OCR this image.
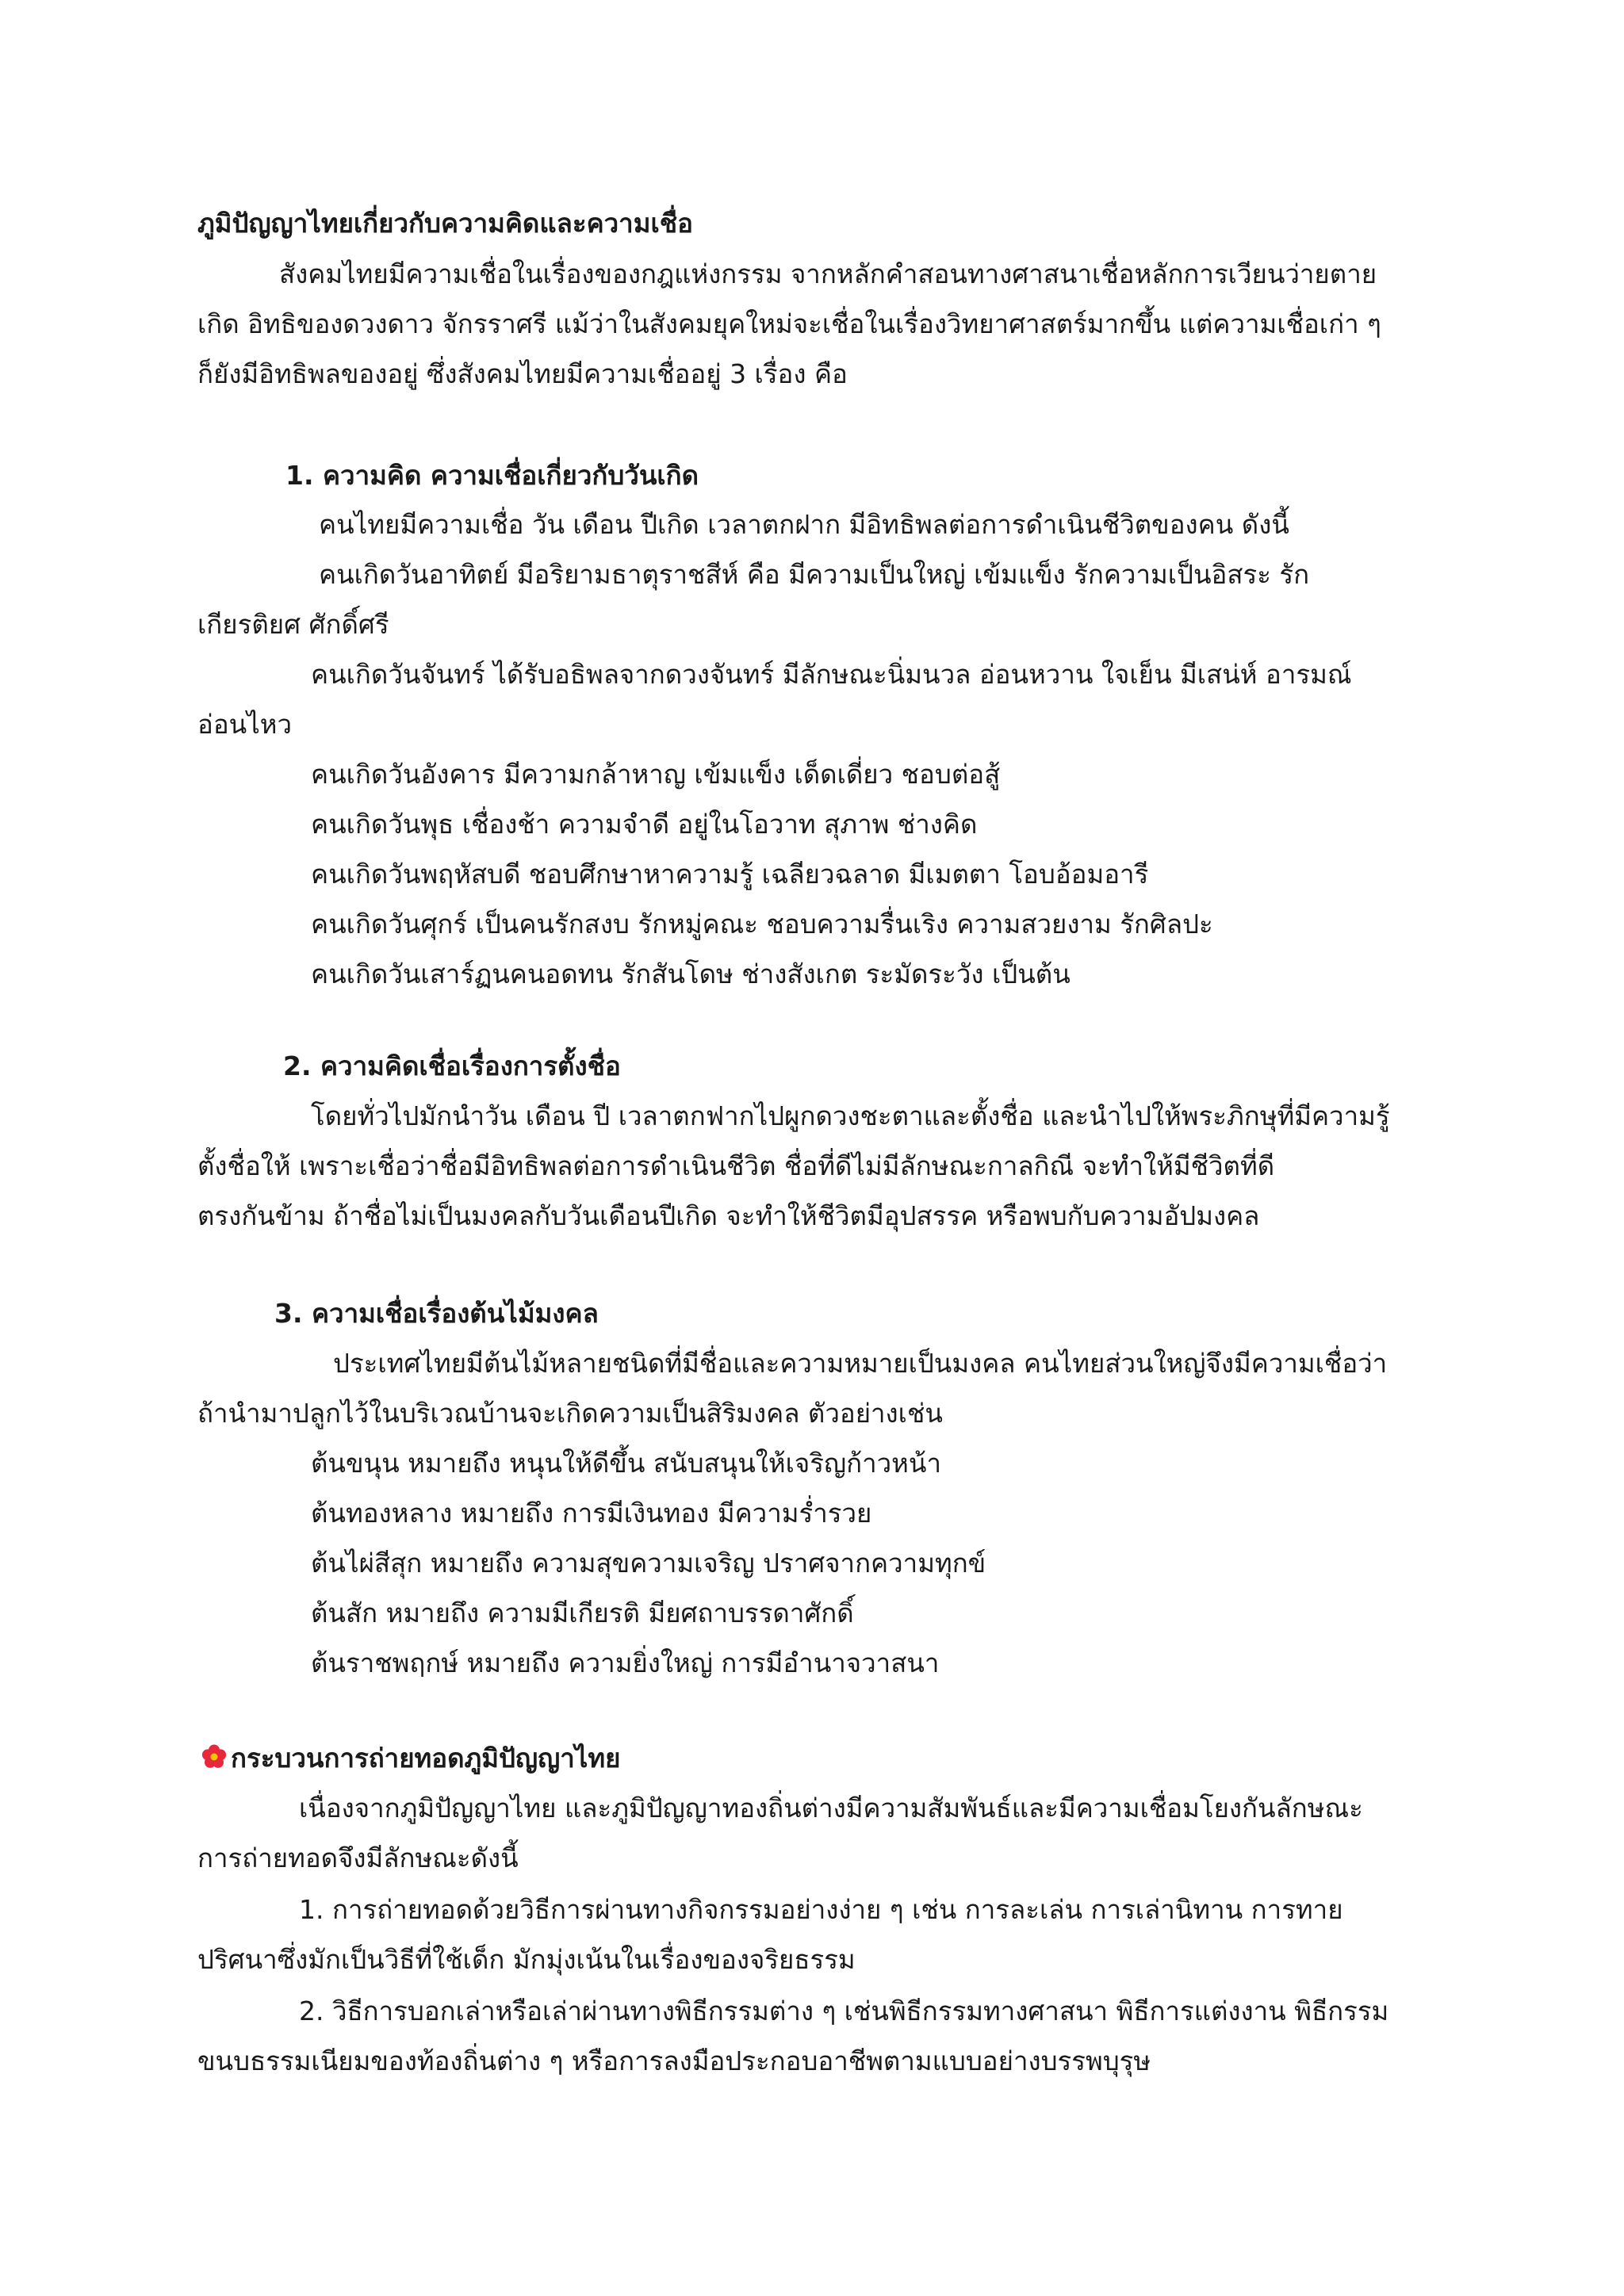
ภูมิปัญญาไทยเกี่ยวกับความคิดและความเชื่อ
สังคมไทยมีความเชื่อในเรื่องของกฎแห่งกรรม จากหลักคำสอนทางศาสนาเชื่อหลักการเวียนว่ายตาย
เกิด อิทธิของดวงดาว จักรราศรี แม้ว่าในสังคมยุคใหม่จะเชื่อในเรื่องวิทยาศาสตร์มากขึ้น แต่ความเชื่อเก่า ๆ
ก็ยังมีอิทธิพลของอยู่ ซึ่งสังคมไทยมีความเชื่ออยู่ 3 เรื่อง คือ
1. ความคิด ความเชื่อเกี่ยวกับวันเกิด
คนไทยมีความเชื่อ วัน เดือน ปีเกิด เวลาตกฝาก มีอิทธิพลต่อการดำเนินชีวิตของคน ดังนี้
คนเกิดวันอาทิตย์ มีอริยามธาตุราชสีห์ คือ มีความเป็นใหญ่ เข้มแข็ง รักความเป็นอิสระ รัก
เกียรติยศ ศักดิ์ศรี
คนเกิดวันจันทร์ ได้รับอธิพลจากดวงจันทร์ มีลักษณะนิ่มนวล อ่อนหวาน ใจเย็น มีเสน่ห์ อารมณ์
อ่อนไหว
คนเกิดวันอังคาร มีความกล้าหาญ เข้มแข็ง เด็ดเดี่ยว ชอบต่อสู้
คนเกิดวันพุธ เชื่องช้า ความจำดี อยู่ในโอวาท สุภาพ ช่างคิด
คนเกิดวันพฤหัสบดี ชอบศึกษาหาความรู้ เฉลียวฉลาด มีเมตตา โอบอ้อมอารี
คนเกิดวันศุกร์ เป็นคนรักสงบ รักหมู่คณะ ชอบความรื่นเริง ความสวยงาม รักศิลปะ
คนเกิดวันเสาร์ฏนคนอดทน รักสันโดษ ช่างสังเกต ระมัดระวัง เป็นต้น
2. ความคิดเชื่อเรื่องการตั้งชื่อ
โดยทั่วไปมักนำวัน เดือน ปี เวลาตกฟากไปผูกดวงชะตาและตั้งชื่อ และนำไปให้พระภิกษุที่มีความรู้
ตั้งชื่อให้ เพราะเชื่อว่าชื่อมีอิทธิพลต่อการดำเนินชีวิต ชื่อที่ดีไม่มีลักษณะกาลกิณี จะทำให้มีชีวิตที่ดี
ตรงกันข้าม ถ้าชื่อไม่เป็นมงคลกับวันเดือนปีเกิด จะทำให้ชีวิตมีอุปสรรค หรือพบกับความอัปมงคล
3. ความเชื่อเรื่องต้นไม้มงคล
ประเทศไทยมีต้นไม้หลายชนิดที่มีชื่อและความหมายเป็นมงคล คนไทยส่วนใหญ่จึงมีความเชื่อว่า
ถ้านำมาปลูกไว้ในบริเวณบ้านจะเกิดความเป็นสิริมงคล ตัวอย่างเช่น
ต้นขนุน หมายถึง หนุนให้ดีขึ้น สนับสนุนให้เจริญก้าวหน้า
ต้นทองหลาง หมายถึง การมีเงินทอง มีความร่ำรวย
ต้นไผ่สีสุก หมายถึง ความสุขความเจริญ ปราศจากความทุกข์
ต้นสัก หมายถึง ความมีเกียรติ มียศถาบรรดาศักดิ์
ต้นราชพฤกษ์ หมายถึง ความยิ่งใหญ่ การมีอำนาจวาสนา
กระบวนการถ่ายทอดภูมิปัญญาไทย
เนื่องจากภูมิปัญญาไทย และภูมิปัญญาทองถิ่นต่างมีความสัมพันธ์และมีความเชื่อมโยงกันลักษณะ
การถ่ายทอดจึงมีลักษณะดังนี้
1. การถ่ายทอดด้วยวิธีการผ่านทางกิจกรรมอย่างง่าย ๆ เช่น การละเล่น การเล่านิทาน การทาย
ปริศนาซึ่งมักเป็นวิธีที่ใช้เด็ก มักมุ่งเน้นในเรื่องของจริยธรรม
2. วิธีการบอกเล่าหรือเล่าผ่านทางพิธีกรรมต่าง ๆ เช่นพิธีกรรมทางศาสนา พิธีการแต่งงาน พิธีกรรม
ขนบธรรมเนียมของท้องถิ่นต่าง ๆ หรือการลงมือประกอบอาชีพตามแบบอย่างบรรพบุรุษ
